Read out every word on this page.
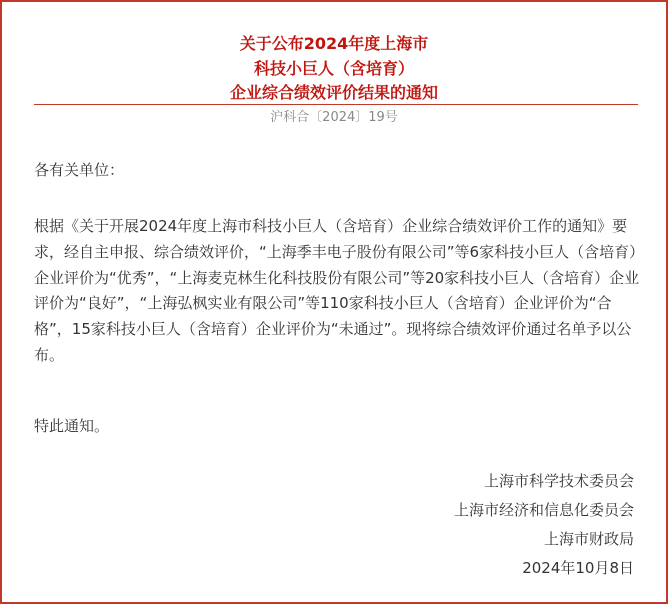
关于公布2024年度上海市
科技小巨人（含培育）
企业综合绩效评价结果的通知
沪科合〔2024〕19号
各有关单位：
根据《关于开展2024年度上海市科技小巨人（含培育）企业综合绩效评价工作的通知》要求，经自主申报、综合绩效评价，“上海季丰电子股份有限公司”等6家科技小巨人（含培育）企业评价为“优秀”，“上海麦克林生化科技股份有限公司”等20家科技小巨人（含培育）企业评价为“良好”，“上海弘枫实业有限公司”等110家科技小巨人（含培育）企业评价为“合格”，15家科技小巨人（含培育）企业评价为“未通过”。现将综合绩效评价通过名单予以公布。
特此通知。
上海市科学技术委员会
上海市经济和信息化委员会
上海市财政局
2024年10月8日
